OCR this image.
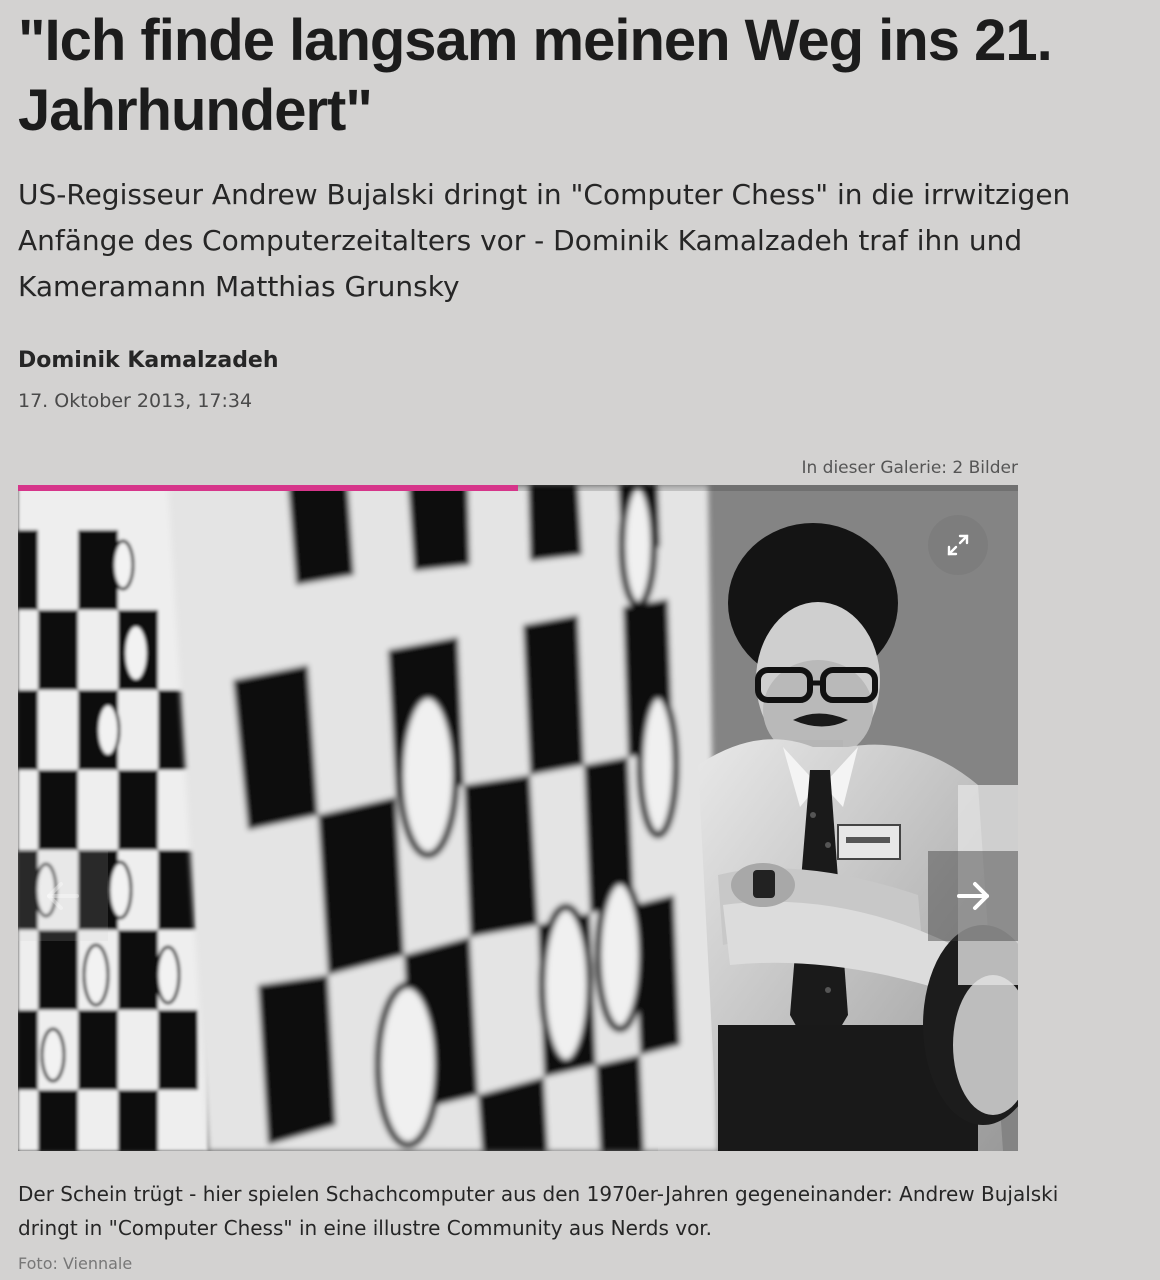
"Ich finde langsam meinen Weg ins 21. Jahrhundert"

US-Regisseur Andrew Bujalski dringt in "Computer Chess" in die irrwitzigen Anfänge des Computerzeitalters vor - Dominik Kamalzadeh traf ihn und Kameramann Matthias Grunsky

Dominik Kamalzadeh
17. Oktober 2013, 17:34
In dieser Galerie: 2 Bilder

Der Schein trügt - hier spielen Schachcomputer aus den 1970er-Jahren gegeneinander: Andrew Bujalski dringt in "Computer Chess" in eine illustre Community aus Nerds vor.

Foto: Viennale
